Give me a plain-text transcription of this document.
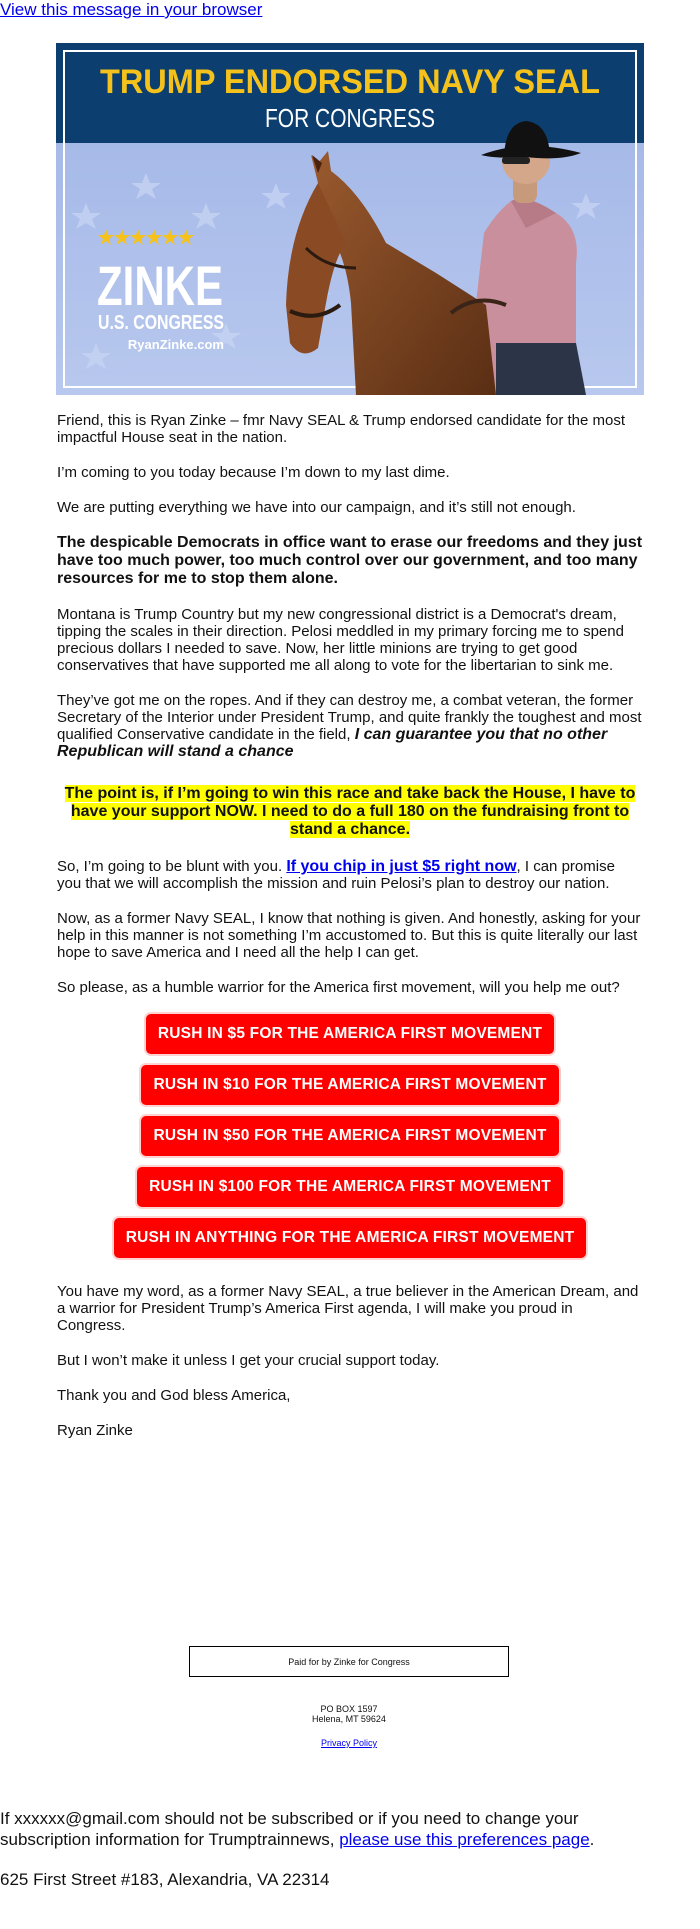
View this message in your browser
TRUMP ENDORSED NAVY SEAL
FOR CONGRESS
ZINKE
U.S. CONGRESS
RyanZinke.com

Friend, this is Ryan Zinke – fmr Navy SEAL & Trump endorsed candidate for the most impactful House seat in the nation.

I’m coming to you today because I’m down to my last dime.

We are putting everything we have into our campaign, and it’s still not enough.

The despicable Democrats in office want to erase our freedoms and they just have too much power, too much control over our government, and too many resources for me to stop them alone.

Montana is Trump Country but my new congressional district is a Democrat's dream, tipping the scales in their direction. Pelosi meddled in my primary forcing me to spend precious dollars I needed to save. Now, her little minions are trying to get good conservatives that have supported me all along to vote for the libertarian to sink me.

They’ve got me on the ropes. And if they can destroy me, a combat veteran, the former Secretary of the Interior under President Trump, and quite frankly the toughest and most qualified Conservative candidate in the field, I can guarantee you that no other Republican will stand a chance

The point is, if I’m going to win this race and take back the House, I have to have your support NOW. I need to do a full 180 on the fundraising front to stand a chance.

So, I’m going to be blunt with you. If you chip in just $5 right now, I can promise you that we will accomplish the mission and ruin Pelosi’s plan to destroy our nation.

Now, as a former Navy SEAL, I know that nothing is given. And honestly, asking for your help in this manner is not something I’m accustomed to. But this is quite literally our last hope to save America and I need all the help I can get.

So please, as a humble warrior for the America first movement, will you help me out?

RUSH IN $5 FOR THE AMERICA FIRST MOVEMENT
RUSH IN $10 FOR THE AMERICA FIRST MOVEMENT
RUSH IN $50 FOR THE AMERICA FIRST MOVEMENT
RUSH IN $100 FOR THE AMERICA FIRST MOVEMENT
RUSH IN ANYTHING FOR THE AMERICA FIRST MOVEMENT

You have my word, as a former Navy SEAL, a true believer in the American Dream, and a warrior for President Trump’s America First agenda, I will make you proud in Congress.

But I won’t make it unless I get your crucial support today.

Thank you and God bless America,

Ryan Zinke

Paid for by Zinke for Congress
PO BOX 1597
Helena, MT 59624
Privacy Policy
If xxxxxx@gmail.com should not be subscribed or if you need to change your subscription information for Trumptrainnews, please use this preferences page.
625 First Street #183, Alexandria, VA 22314
